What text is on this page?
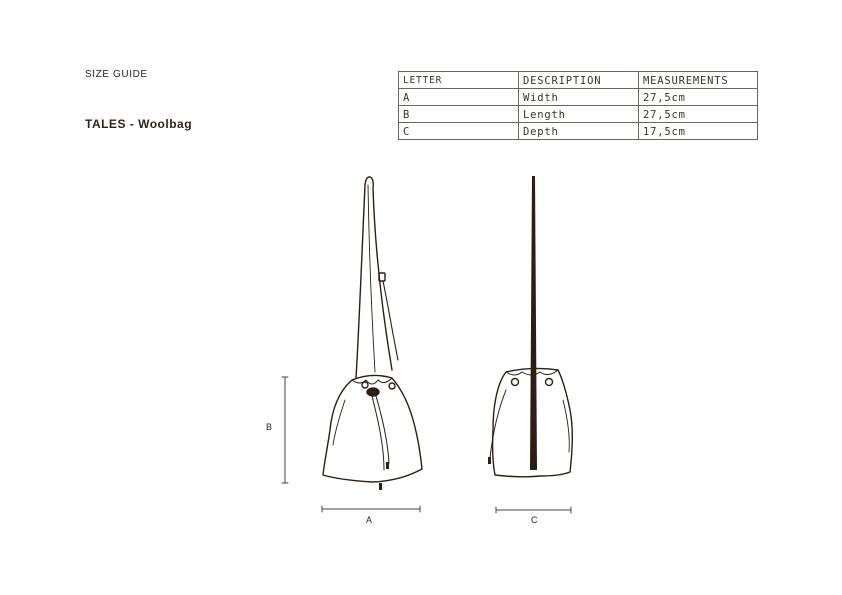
SIZE GUIDE
TALES - Woolbag
LETTER	DESCRIPTION	MEASUREMENTS
A	Width	27,5cm
B	Length	27,5cm
C	Depth	17,5cm
B
A	C
